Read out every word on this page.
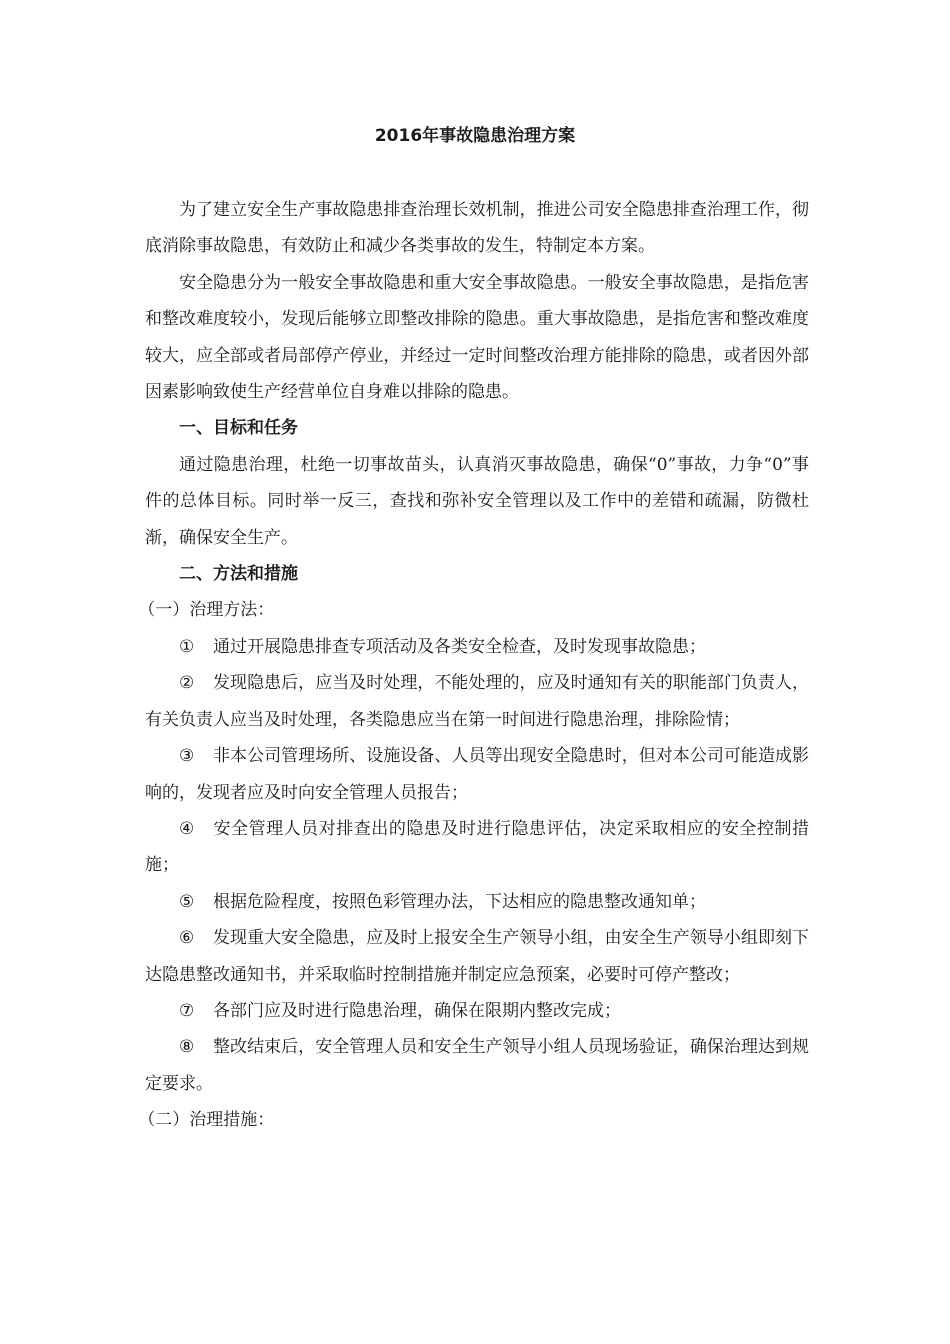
2016年事故隐患治理方案

为了建立安全生产事故隐患排查治理长效机制，推进公司安全隐患排查治理工作，彻底消除事故隐患，有效防止和减少各类事故的发生，特制定本方案。

安全隐患分为一般安全事故隐患和重大安全事故隐患。一般安全事故隐患，是指危害和整改难度较小，发现后能够立即整改排除的隐患。重大事故隐患，是指危害和整改难度较大，应全部或者局部停产停业，并经过一定时间整改治理方能排除的隐患，或者因外部因素影响致使生产经营单位自身难以排除的隐患。

一、目标和任务

通过隐患治理，杜绝一切事故苗头，认真消灭事故隐患，确保“0”事故，力争“0”事件的总体目标。同时举一反三，查找和弥补安全管理以及工作中的差错和疏漏，防微杜渐，确保安全生产。

二、方法和措施

（一）治理方法：

① 通过开展隐患排查专项活动及各类安全检查，及时发现事故隐患；

② 发现隐患后，应当及时处理，不能处理的，应及时通知有关的职能部门负责人，有关负责人应当及时处理，各类隐患应当在第一时间进行隐患治理，排除险情；

③ 非本公司管理场所、设施设备、人员等出现安全隐患时，但对本公司可能造成影响的，发现者应及时向安全管理人员报告；

④ 安全管理人员对排查出的隐患及时进行隐患评估，决定采取相应的安全控制措施；

⑤ 根据危险程度，按照色彩管理办法，下达相应的隐患整改通知单；

⑥ 发现重大安全隐患，应及时上报安全生产领导小组，由安全生产领导小组即刻下达隐患整改通知书，并采取临时控制措施并制定应急预案，必要时可停产整改；

⑦ 各部门应及时进行隐患治理，确保在限期内整改完成；

⑧ 整改结束后，安全管理人员和安全生产领导小组人员现场验证，确保治理达到规定要求。

（二）治理措施：
